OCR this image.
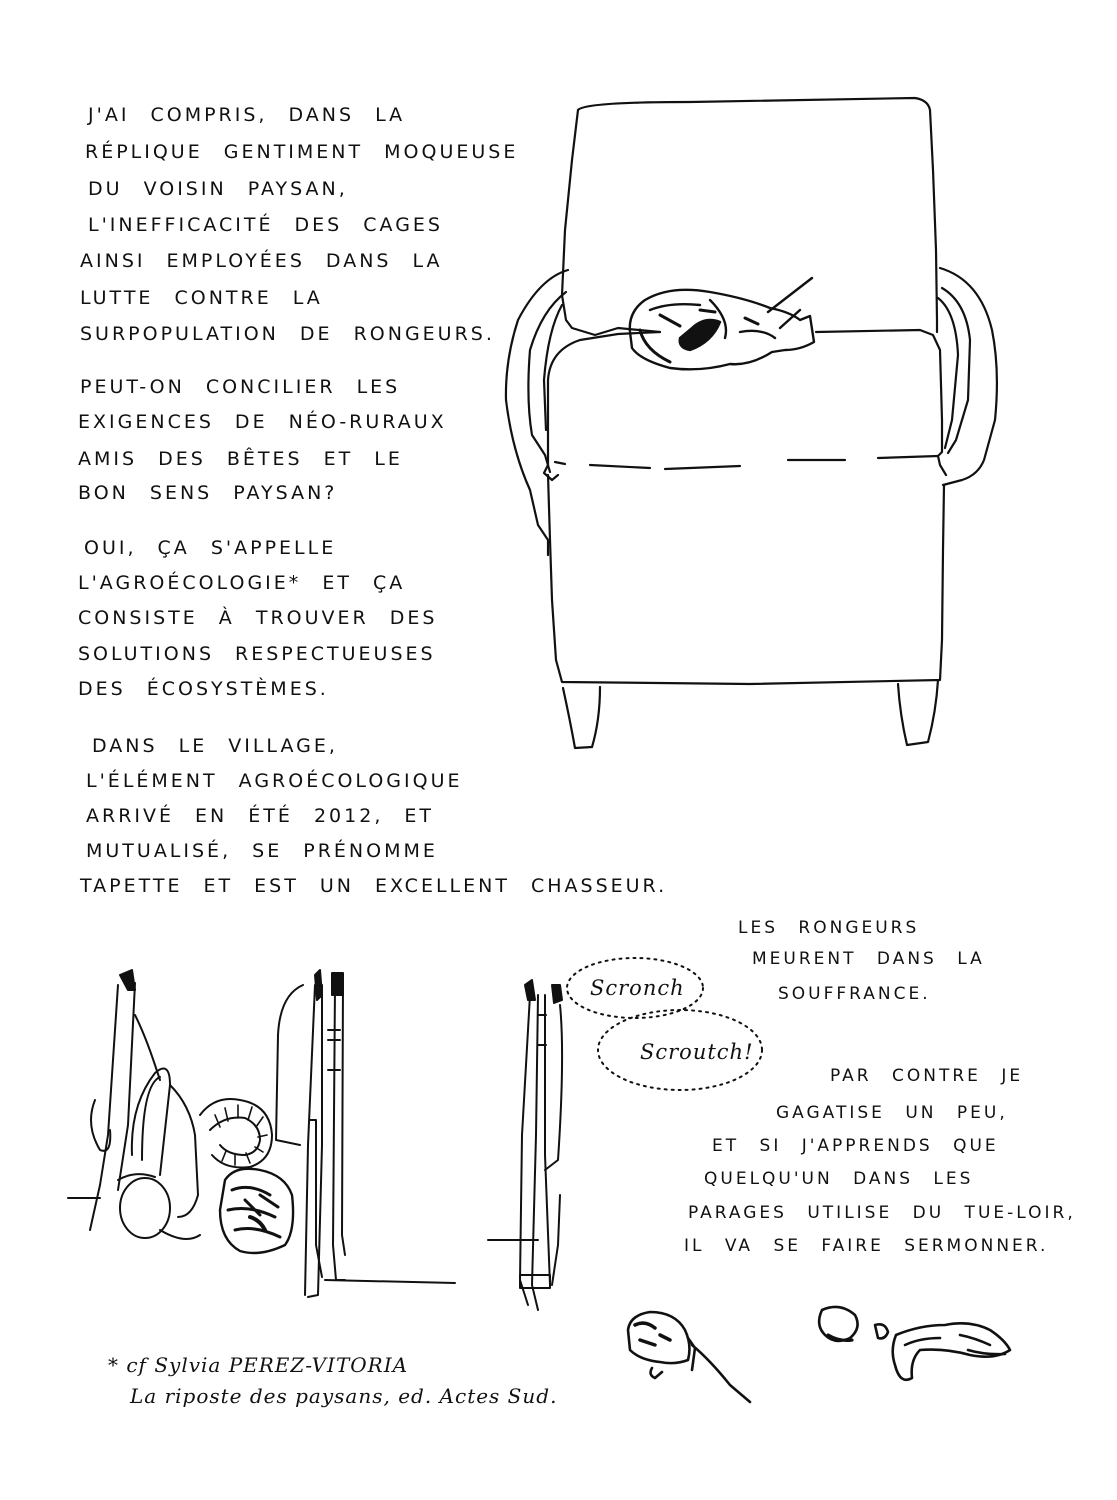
J'AI COMPRIS, DANS LA
RÉPLIQUE GENTIMENT MOQUEUSE
DU VOISIN PAYSAN,
L'INEFFICACITÉ DES CAGES
AINSI EMPLOYÉES DANS LA
LUTTE CONTRE LA
SURPOPULATION DE RONGEURS.
PEUT-ON CONCILIER LES
EXIGENCES DE NÉO-RURAUX
AMIS DES BÊTES ET LE
BON SENS PAYSAN?
OUI, ÇA S'APPELLE
L'AGROÉCOLOGIE* ET ÇA
CONSISTE À TROUVER DES
SOLUTIONS RESPECTUEUSES
DES ÉCOSYSTÈMES.
DANS LE VILLAGE,
L'ÉLÉMENT AGROÉCOLOGIQUE
ARRIVÉ EN ÉTÉ 2012, ET
MUTUALISÉ, SE PRÉNOMME
TAPETTE ET EST UN EXCELLENT CHASSEUR.
Scronch
Scroutch!
LES RONGEURS
MEURENT DANS LA
SOUFFRANCE.
PAR CONTRE JE
GAGATISE UN PEU,
ET SI J'APPRENDS QUE
QUELQU'UN DANS LES
PARAGES UTILISE DU TUE-LOIR,
IL VA SE FAIRE SERMONNER.
* cf Sylvia PEREZ-VITORIA
La riposte des paysans, ed. Actes Sud.
